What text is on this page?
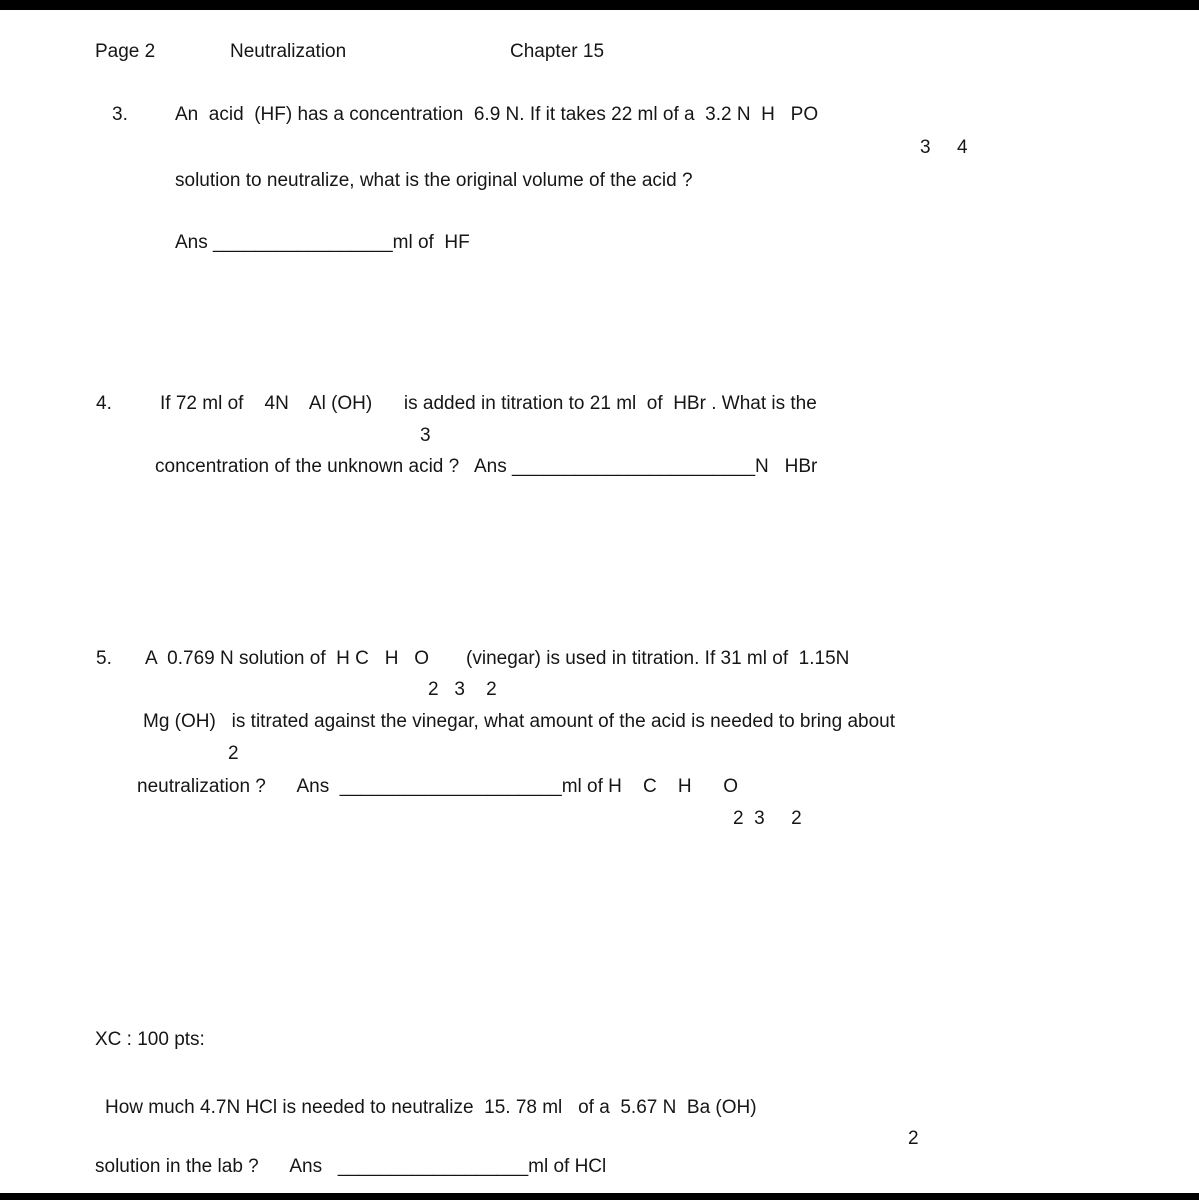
Page 2	Neutralization	Chapter 15
3. An  acid  (HF) has a concentration  6.9 N. If it takes 22 ml of a  3.2 N  H   PO
3     4
solution to neutralize, what is the original volume of the acid ?
Ans _________________ml of  HF
4.	If 72 ml of    4N    Al (OH)      is added in titration to 21 ml  of  HBr . What is the
3
concentration of the unknown acid ?   Ans _______________________N   HBr
5. A  0.769 N solution of  H C   H   O       (vinegar) is used in titration. If 31 ml of  1.15N
2   3    2
Mg (OH)   is titrated against the vinegar, what amount of the acid is needed to bring about
2
neutralization ?      Ans  _____________________ml of H    C    H      O
2  3     2
XC : 100 pts:
How much 4.7N HCl is needed to neutralize  15. 78 ml   of a  5.67 N  Ba (OH)
2
solution in the lab ?      Ans   __________________ml of HCl
